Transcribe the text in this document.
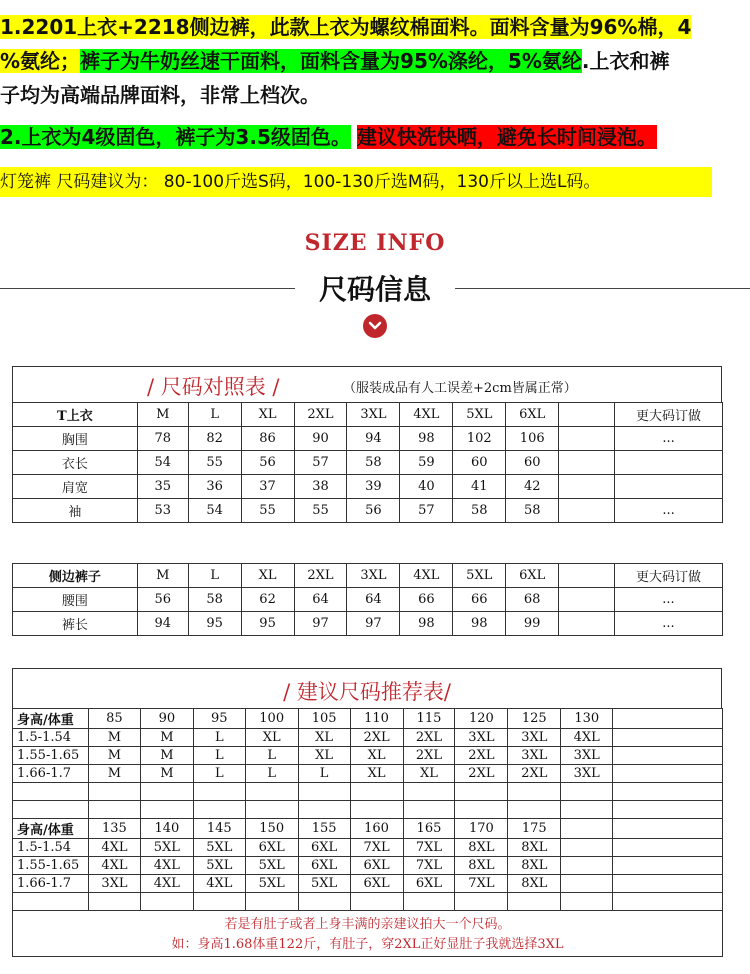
1.2201上衣+2218侧边裤，此款上衣为螺纹棉面料。面料含量为96%棉，4
%氨纶；裤子为牛奶丝速干面料，面料含量为95%涤纶，5%氨纶.上衣和裤
子均为高端品牌面料，非常上档次。
2.上衣为4级固色，裤子为3.5级固色。 建议快洗快晒，避免长时间浸泡。
灯笼裤 尺码建议为： 80-100斤选S码，100-130斤选M码，130斤以上选L码。
SIZE INFO
尺码信息
/ 尺码对照表 /	（服装成品有人工误差+2cm皆属正常）
T上衣	M	L	XL	2XL	3XL	4XL	5XL	6XL		更大码订做
胸围	78	82	86	90	94	98	102	106		...
衣长	54	55	56	57	58	59	60	60		
肩宽	35	36	37	38	39	40	41	42		
袖	53	54	55	55	56	57	58	58		...
侧边裤子	M	L	XL	2XL	3XL	4XL	5XL	6XL		更大码订做
腰围	56	58	62	64	64	66	66	68		...
裤长	94	95	95	97	97	98	98	99		...
/ 建议尺码推荐表/
身高/体重	85	90	95	100	105	110	115	120	125	130	
1.5-1.54	M	M	L	XL	XL	2XL	2XL	3XL	3XL	4XL	
1.55-1.65	M	M	L	L	XL	XL	2XL	2XL	3XL	3XL	
1.66-1.7	M	M	L	L	L	XL	XL	2XL	2XL	3XL	

身高/体重	135	140	145	150	155	160	165	170	175		
1.5-1.54	4XL	5XL	5XL	6XL	6XL	7XL	7XL	8XL	8XL		
1.55-1.65	4XL	4XL	5XL	5XL	6XL	6XL	7XL	8XL	8XL		
1.66-1.7	3XL	4XL	4XL	5XL	5XL	6XL	6XL	7XL	8XL		

若是有肚子或者上身丰满的亲建议拍大一个尺码。
如：身高1.68体重122斤，有肚子，穿2XL正好显肚子我就选择3XL
